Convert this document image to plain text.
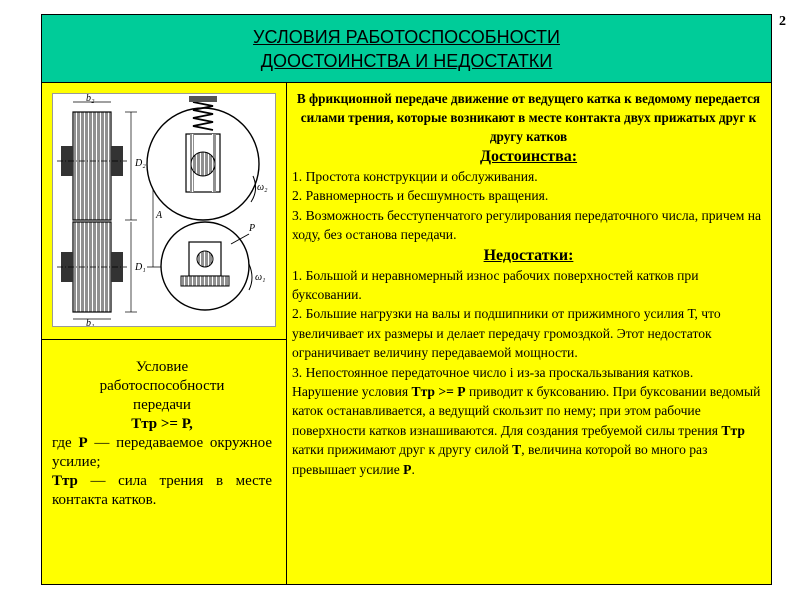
2
УСЛОВИЯ РАБОТОСПОСОБНОСТИ
ДООСТОИНСТВА И НЕДОСТАТКИ
b₂
b₁
D₂
D₁
A
P
ω₂
ω₁
Условие
работоспособности
передачи
Ттр >= Р,
где Р — передаваемое окружное усилие;
Ттр — сила трения в месте контакта катков.
В фрикционной передаче движение от ведущего катка к ведомому передается силами трения, которые возникают в месте контакта двух прижатых друг к другу катков
Достоинства:
1. Простота конструкции и обслуживания.
2. Равномерность и бесшумность вращения.
3. Возможность бесступенчатого регулирования передаточного числа, причем на ходу, без останова передачи.
Недостатки:
1. Большой и неравномерный износ рабочих поверхностей катков при буксовании.
2. Большие нагрузки на валы и подшипники от прижимного усилия Т, что увеличивает их размеры и делает передачу громоздкой. Этот недостаток ограничивает величину передаваемой мощности.
3. Непостоянное передаточное число i из-за проскальзывания катков.
Нарушение условия Ттр >= Р приводит к буксованию. При буксовании ведомый каток останавливается, а ведущий скользит по нему; при этом рабочие поверхности катков изнашиваются. Для создания требуемой силы трения Ттр катки прижимают друг к другу силой Т, величина которой во много раз превышает усилие Р.
